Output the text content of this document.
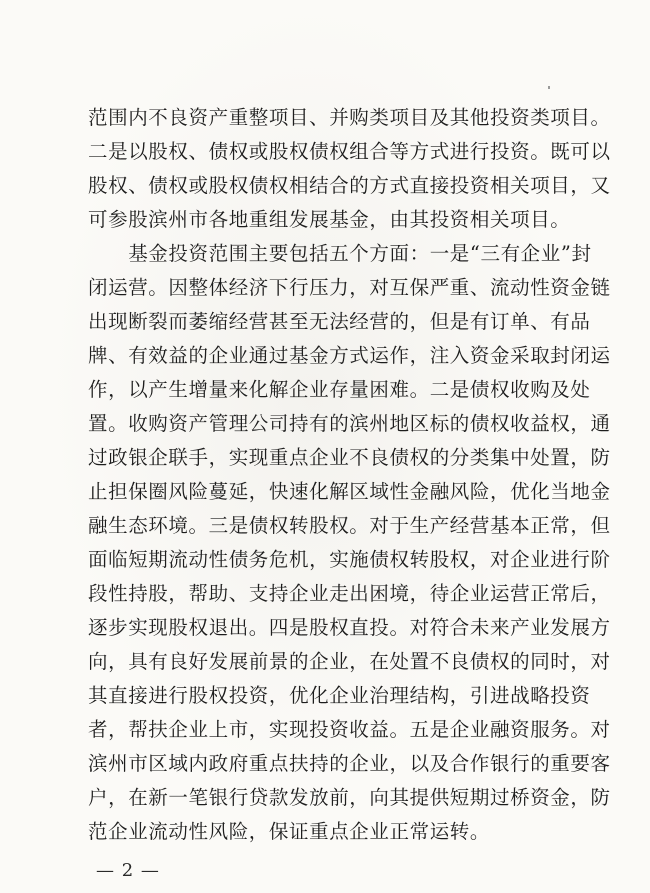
范围内不良资产重整项目、并购类项目及其他投资类项目。
二是以股权、债权或股权债权组合等方式进行投资。既可以
股权、债权或股权债权相结合的方式直接投资相关项目，又
可参股滨州市各地重组发展基金，由其投资相关项目。
　　基金投资范围主要包括五个方面：一是“三有企业”封
闭运营。因整体经济下行压力，对互保严重、流动性资金链
出现断裂而萎缩经营甚至无法经营的，但是有订单、有品
牌、有效益的企业通过基金方式运作，注入资金采取封闭运
作，以产生增量来化解企业存量困难。二是债权收购及处
置。收购资产管理公司持有的滨州地区标的债权收益权，通
过政银企联手，实现重点企业不良债权的分类集中处置，防
止担保圈风险蔓延，快速化解区域性金融风险，优化当地金
融生态环境。三是债权转股权。对于生产经营基本正常，但
面临短期流动性债务危机，实施债权转股权，对企业进行阶
段性持股，帮助、支持企业走出困境，待企业运营正常后，
逐步实现股权退出。四是股权直投。对符合未来产业发展方
向，具有良好发展前景的企业，在处置不良债权的同时，对
其直接进行股权投资，优化企业治理结构，引进战略投资
者，帮扶企业上市，实现投资收益。五是企业融资服务。对
滨州市区域内政府重点扶持的企业，以及合作银行的重要客
户，在新一笔银行贷款发放前，向其提供短期过桥资金，防
范企业流动性风险，保证重点企业正常运转。
— 2 —
